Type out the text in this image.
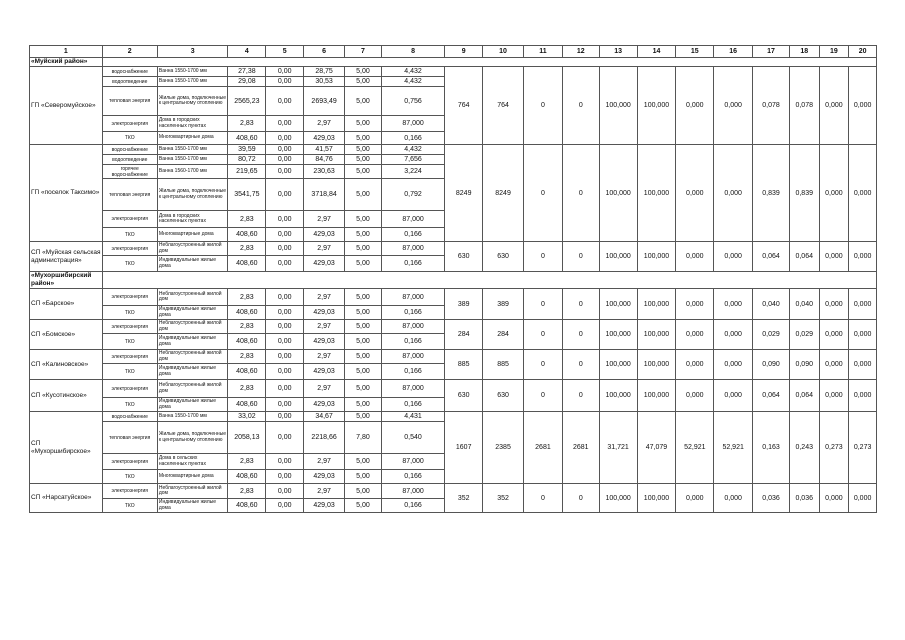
1	2	3	4	5	6	7	8	9	10	11	12	13	14	15	16	17	18	19	20
«Муйский район»																			
ГП «Северомуйское»	водоснабжение	Ванна 1550-1700 мм	27,38	0,00	28,75	5,00	4,432	764	764	0	0	100,000	100,000	0,000	0,000	0,078	0,078	0,000	0,000
	водоотведение	Ванна 1550-1700 мм	29,08	0,00	30,53	5,00	4,432												
	тепловая энергия	Жилые дома, подключенные к центральному отоплению	2565,23	0,00	2693,49	5,00	0,756												
	электроэнергия	Дома в городских населенных пунктах	2,83	0,00	2,97	5,00	87,000												
	ТКО	Многоквартирные дома	408,60	0,00	429,03	5,00	0,166												
ГП «поселок Таксимо»	водоснабжение	Ванна 1550-1700 мм	39,59	0,00	41,57	5,00	4,432	8249	8249	0	0	100,000	100,000	0,000	0,000	0,839	0,839	0,000	0,000
	водоотведение	Ванна 1550-1700 мм	80,72	0,00	84,76	5,00	7,656												
	горячее водоснабжение	Ванна 1560-1700 мм	219,65	0,00	230,63	5,00	3,224												
	тепловая энергия	Жилые дома, подключенные к центральному отоплению	3541,75	0,00	3718,84	5,00	0,792												
	электроэнергия	Дома в городских населенных пунктах	2,83	0,00	2,97	5,00	87,000												
	ТКО	Многоквартирные дома	408,60	0,00	429,03	5,00	0,166												
СП «Муйская сельская администрация»	электроэнергия	Неблагоустроенный жилой дом	2,83	0,00	2,97	5,00	87,000	630	630	0	0	100,000	100,000	0,000	0,000	0,064	0,064	0,000	0,000
	ТКО	Индивидуальные жилые дома	408,60	0,00	429,03	5,00	0,166												
«Мухоршибирский район»																			
СП «Барское»	электроэнергия	Неблагоустроенный жилой дом	2,83	0,00	2,97	5,00	87,000	389	389	0	0	100,000	100,000	0,000	0,000	0,040	0,040	0,000	0,000
	ТКО	Индивидуальные жилые дома	408,60	0,00	429,03	5,00	0,166												
СП «Бомское»	электроэнергия	Неблагоустроенный жилой дом	2,83	0,00	2,97	5,00	87,000	284	284	0	0	100,000	100,000	0,000	0,000	0,029	0,029	0,000	0,000
	ТКО	Индивидуальные жилые дома	408,60	0,00	429,03	5,00	0,166												
СП «Калиновское»	электроэнергия	Неблагоустроенный жилой дом	2,83	0,00	2,97	5,00	87,000	885	885	0	0	100,000	100,000	0,000	0,000	0,090	0,090	0,000	0,000
	ТКО	Индивидуальные жилые дома	408,60	0,00	429,03	5,00	0,166												
СП «Кусотинское»	электроэнергия	Неблагоустроенный жилой дом	2,83	0,00	2,97	5,00	87,000	630	630	0	0	100,000	100,000	0,000	0,000	0,064	0,064	0,000	0,000
	ТКО	Индивидуальные жилые дома	408,60	0,00	429,03	5,00	0,166												
СП «Мухоршибирское»	водоснабжение	Ванна 1550-1700 мм	33,02	0,00	34,67	5,00	4,431	1607	2385	2681	2681	31,721	47,079	52,921	52,921	0,163	0,243	0,273	0,273
	тепловая энергия	Жилые дома, подключенные к центральному отоплению	2058,13	0,00	2218,66	7,80	0,540												
	электроэнергия	Дома в сельских населенных пунктах	2,83	0,00	2,97	5,00	87,000												
	ТКО	Многоквартирные дома	408,60	0,00	429,03	5,00	0,166												
СП «Нарсатуйское»	электроэнергия	Неблагоустроенный жилой дом	2,83	0,00	2,97	5,00	87,000	352	352	0	0	100,000	100,000	0,000	0,000	0,036	0,036	0,000	0,000
	ТКО	Индивидуальные жилые дома	408,60	0,00	429,03	5,00	0,166												
